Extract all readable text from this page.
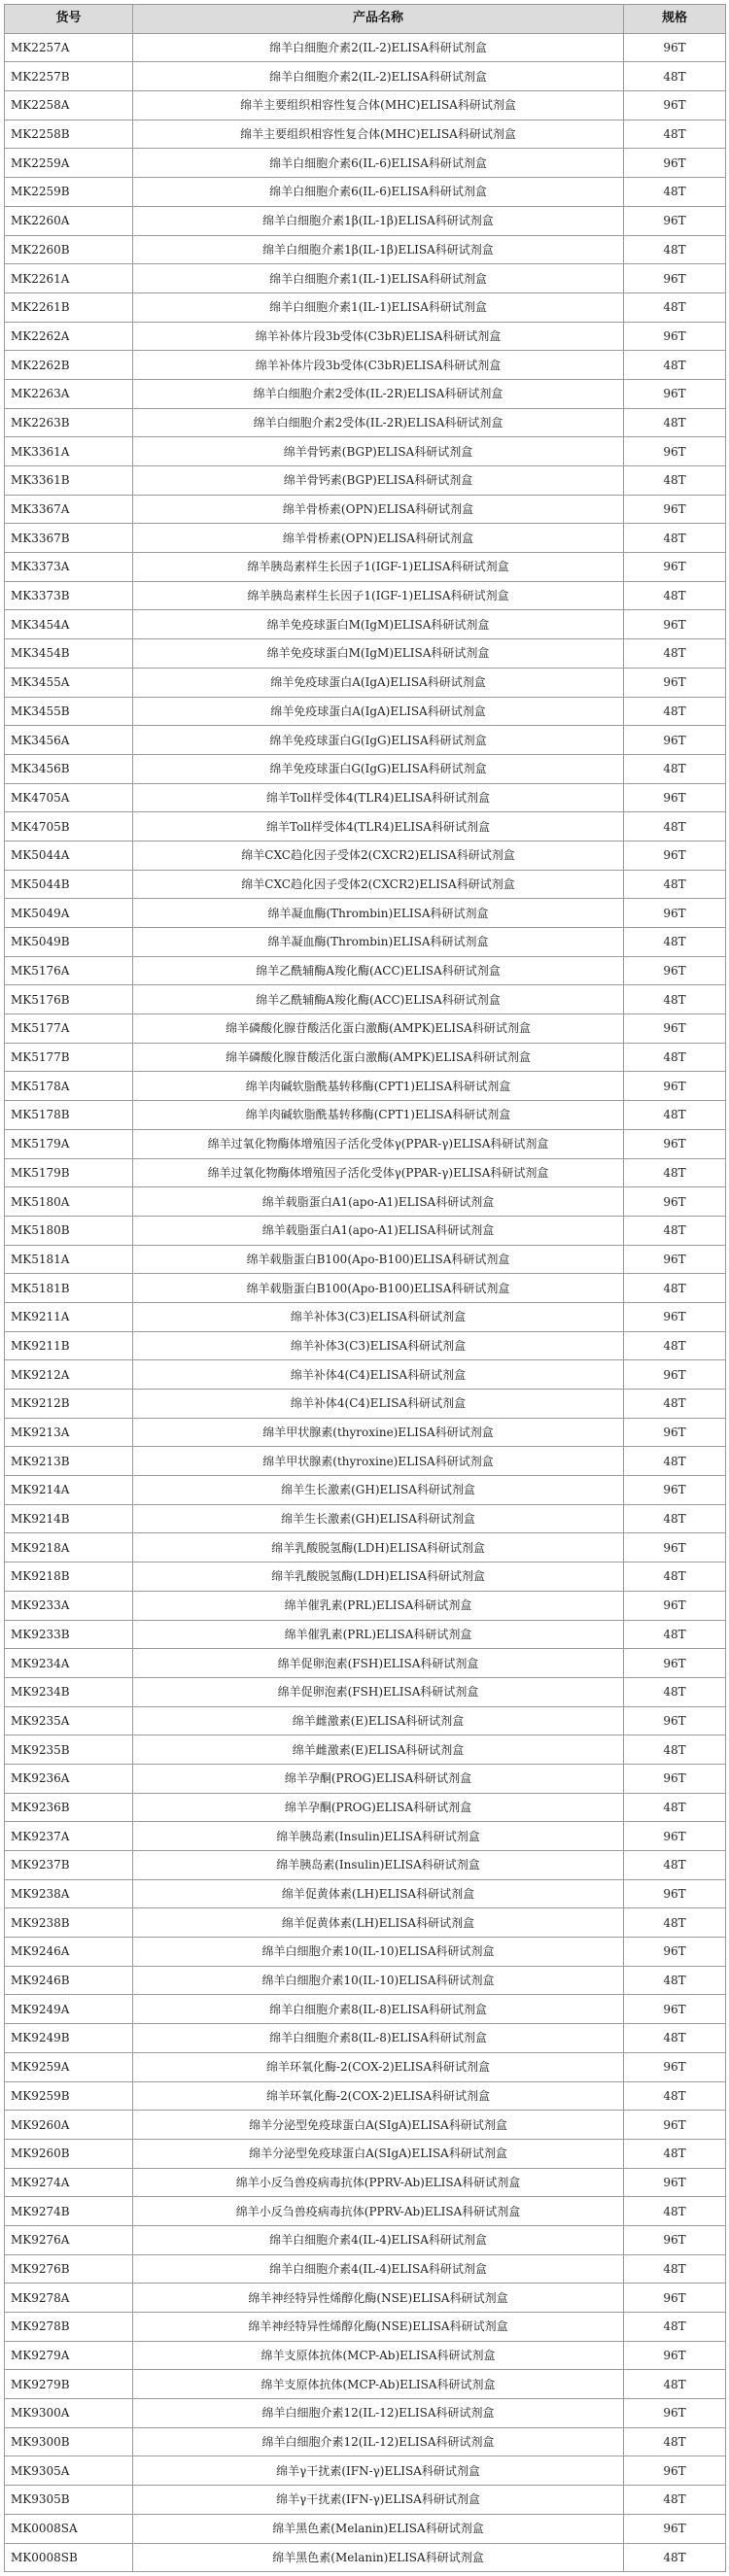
货号	产品名称	规格
MK2257A	绵羊白细胞介素2(IL-2)ELISA科研试剂盒	96T
MK2257B	绵羊白细胞介素2(IL-2)ELISA科研试剂盒	48T
MK2258A	绵羊主要组织相容性复合体(MHC)ELISA科研试剂盒	96T
MK2258B	绵羊主要组织相容性复合体(MHC)ELISA科研试剂盒	48T
MK2259A	绵羊白细胞介素6(IL-6)ELISA科研试剂盒	96T
MK2259B	绵羊白细胞介素6(IL-6)ELISA科研试剂盒	48T
MK2260A	绵羊白细胞介素1β(IL-1β)ELISA科研试剂盒	96T
MK2260B	绵羊白细胞介素1β(IL-1β)ELISA科研试剂盒	48T
MK2261A	绵羊白细胞介素1(IL-1)ELISA科研试剂盒	96T
MK2261B	绵羊白细胞介素1(IL-1)ELISA科研试剂盒	48T
MK2262A	绵羊补体片段3b受体(C3bR)ELISA科研试剂盒	96T
MK2262B	绵羊补体片段3b受体(C3bR)ELISA科研试剂盒	48T
MK2263A	绵羊白细胞介素2受体(IL-2R)ELISA科研试剂盒	96T
MK2263B	绵羊白细胞介素2受体(IL-2R)ELISA科研试剂盒	48T
MK3361A	绵羊骨钙素(BGP)ELISA科研试剂盒	96T
MK3361B	绵羊骨钙素(BGP)ELISA科研试剂盒	48T
MK3367A	绵羊骨桥素(OPN)ELISA科研试剂盒	96T
MK3367B	绵羊骨桥素(OPN)ELISA科研试剂盒	48T
MK3373A	绵羊胰岛素样生长因子1(IGF-1)ELISA科研试剂盒	96T
MK3373B	绵羊胰岛素样生长因子1(IGF-1)ELISA科研试剂盒	48T
MK3454A	绵羊免疫球蛋白M(IgM)ELISA科研试剂盒	96T
MK3454B	绵羊免疫球蛋白M(IgM)ELISA科研试剂盒	48T
MK3455A	绵羊免疫球蛋白A(IgA)ELISA科研试剂盒	96T
MK3455B	绵羊免疫球蛋白A(IgA)ELISA科研试剂盒	48T
MK3456A	绵羊免疫球蛋白G(IgG)ELISA科研试剂盒	96T
MK3456B	绵羊免疫球蛋白G(IgG)ELISA科研试剂盒	48T
MK4705A	绵羊Toll样受体4(TLR4)ELISA科研试剂盒	96T
MK4705B	绵羊Toll样受体4(TLR4)ELISA科研试剂盒	48T
MK5044A	绵羊CXC趋化因子受体2(CXCR2)ELISA科研试剂盒	96T
MK5044B	绵羊CXC趋化因子受体2(CXCR2)ELISA科研试剂盒	48T
MK5049A	绵羊凝血酶(Thrombin)ELISA科研试剂盒	96T
MK5049B	绵羊凝血酶(Thrombin)ELISA科研试剂盒	48T
MK5176A	绵羊乙酰辅酶A羧化酶(ACC)ELISA科研试剂盒	96T
MK5176B	绵羊乙酰辅酶A羧化酶(ACC)ELISA科研试剂盒	48T
MK5177A	绵羊磷酸化腺苷酸活化蛋白激酶(AMPK)ELISA科研试剂盒	96T
MK5177B	绵羊磷酸化腺苷酸活化蛋白激酶(AMPK)ELISA科研试剂盒	48T
MK5178A	绵羊肉碱软脂酰基转移酶(CPT1)ELISA科研试剂盒	96T
MK5178B	绵羊肉碱软脂酰基转移酶(CPT1)ELISA科研试剂盒	48T
MK5179A	绵羊过氧化物酶体增殖因子活化受体γ(PPAR-γ)ELISA科研试剂盒	96T
MK5179B	绵羊过氧化物酶体增殖因子活化受体γ(PPAR-γ)ELISA科研试剂盒	48T
MK5180A	绵羊载脂蛋白A1(apo-A1)ELISA科研试剂盒	96T
MK5180B	绵羊载脂蛋白A1(apo-A1)ELISA科研试剂盒	48T
MK5181A	绵羊载脂蛋白B100(Apo-B100)ELISA科研试剂盒	96T
MK5181B	绵羊载脂蛋白B100(Apo-B100)ELISA科研试剂盒	48T
MK9211A	绵羊补体3(C3)ELISA科研试剂盒	96T
MK9211B	绵羊补体3(C3)ELISA科研试剂盒	48T
MK9212A	绵羊补体4(C4)ELISA科研试剂盒	96T
MK9212B	绵羊补体4(C4)ELISA科研试剂盒	48T
MK9213A	绵羊甲状腺素(thyroxine)ELISA科研试剂盒	96T
MK9213B	绵羊甲状腺素(thyroxine)ELISA科研试剂盒	48T
MK9214A	绵羊生长激素(GH)ELISA科研试剂盒	96T
MK9214B	绵羊生长激素(GH)ELISA科研试剂盒	48T
MK9218A	绵羊乳酸脱氢酶(LDH)ELISA科研试剂盒	96T
MK9218B	绵羊乳酸脱氢酶(LDH)ELISA科研试剂盒	48T
MK9233A	绵羊催乳素(PRL)ELISA科研试剂盒	96T
MK9233B	绵羊催乳素(PRL)ELISA科研试剂盒	48T
MK9234A	绵羊促卵泡素(FSH)ELISA科研试剂盒	96T
MK9234B	绵羊促卵泡素(FSH)ELISA科研试剂盒	48T
MK9235A	绵羊雌激素(E)ELISA科研试剂盒	96T
MK9235B	绵羊雌激素(E)ELISA科研试剂盒	48T
MK9236A	绵羊孕酮(PROG)ELISA科研试剂盒	96T
MK9236B	绵羊孕酮(PROG)ELISA科研试剂盒	48T
MK9237A	绵羊胰岛素(Insulin)ELISA科研试剂盒	96T
MK9237B	绵羊胰岛素(Insulin)ELISA科研试剂盒	48T
MK9238A	绵羊促黄体素(LH)ELISA科研试剂盒	96T
MK9238B	绵羊促黄体素(LH)ELISA科研试剂盒	48T
MK9246A	绵羊白细胞介素10(IL-10)ELISA科研试剂盒	96T
MK9246B	绵羊白细胞介素10(IL-10)ELISA科研试剂盒	48T
MK9249A	绵羊白细胞介素8(IL-8)ELISA科研试剂盒	96T
MK9249B	绵羊白细胞介素8(IL-8)ELISA科研试剂盒	48T
MK9259A	绵羊环氧化酶-2(COX-2)ELISA科研试剂盒	96T
MK9259B	绵羊环氧化酶-2(COX-2)ELISA科研试剂盒	48T
MK9260A	绵羊分泌型免疫球蛋白A(SIgA)ELISA科研试剂盒	96T
MK9260B	绵羊分泌型免疫球蛋白A(SIgA)ELISA科研试剂盒	48T
MK9274A	绵羊小反刍兽疫病毒抗体(PPRV-Ab)ELISA科研试剂盒	96T
MK9274B	绵羊小反刍兽疫病毒抗体(PPRV-Ab)ELISA科研试剂盒	48T
MK9276A	绵羊白细胞介素4(IL-4)ELISA科研试剂盒	96T
MK9276B	绵羊白细胞介素4(IL-4)ELISA科研试剂盒	48T
MK9278A	绵羊神经特异性烯醇化酶(NSE)ELISA科研试剂盒	96T
MK9278B	绵羊神经特异性烯醇化酶(NSE)ELISA科研试剂盒	48T
MK9279A	绵羊支原体抗体(MCP-Ab)ELISA科研试剂盒	96T
MK9279B	绵羊支原体抗体(MCP-Ab)ELISA科研试剂盒	48T
MK9300A	绵羊白细胞介素12(IL-12)ELISA科研试剂盒	96T
MK9300B	绵羊白细胞介素12(IL-12)ELISA科研试剂盒	48T
MK9305A	绵羊γ干扰素(IFN-γ)ELISA科研试剂盒	96T
MK9305B	绵羊γ干扰素(IFN-γ)ELISA科研试剂盒	48T
MK0008SA	绵羊黑色素(Melanin)ELISA科研试剂盒	96T
MK0008SB	绵羊黑色素(Melanin)ELISA科研试剂盒	48T
